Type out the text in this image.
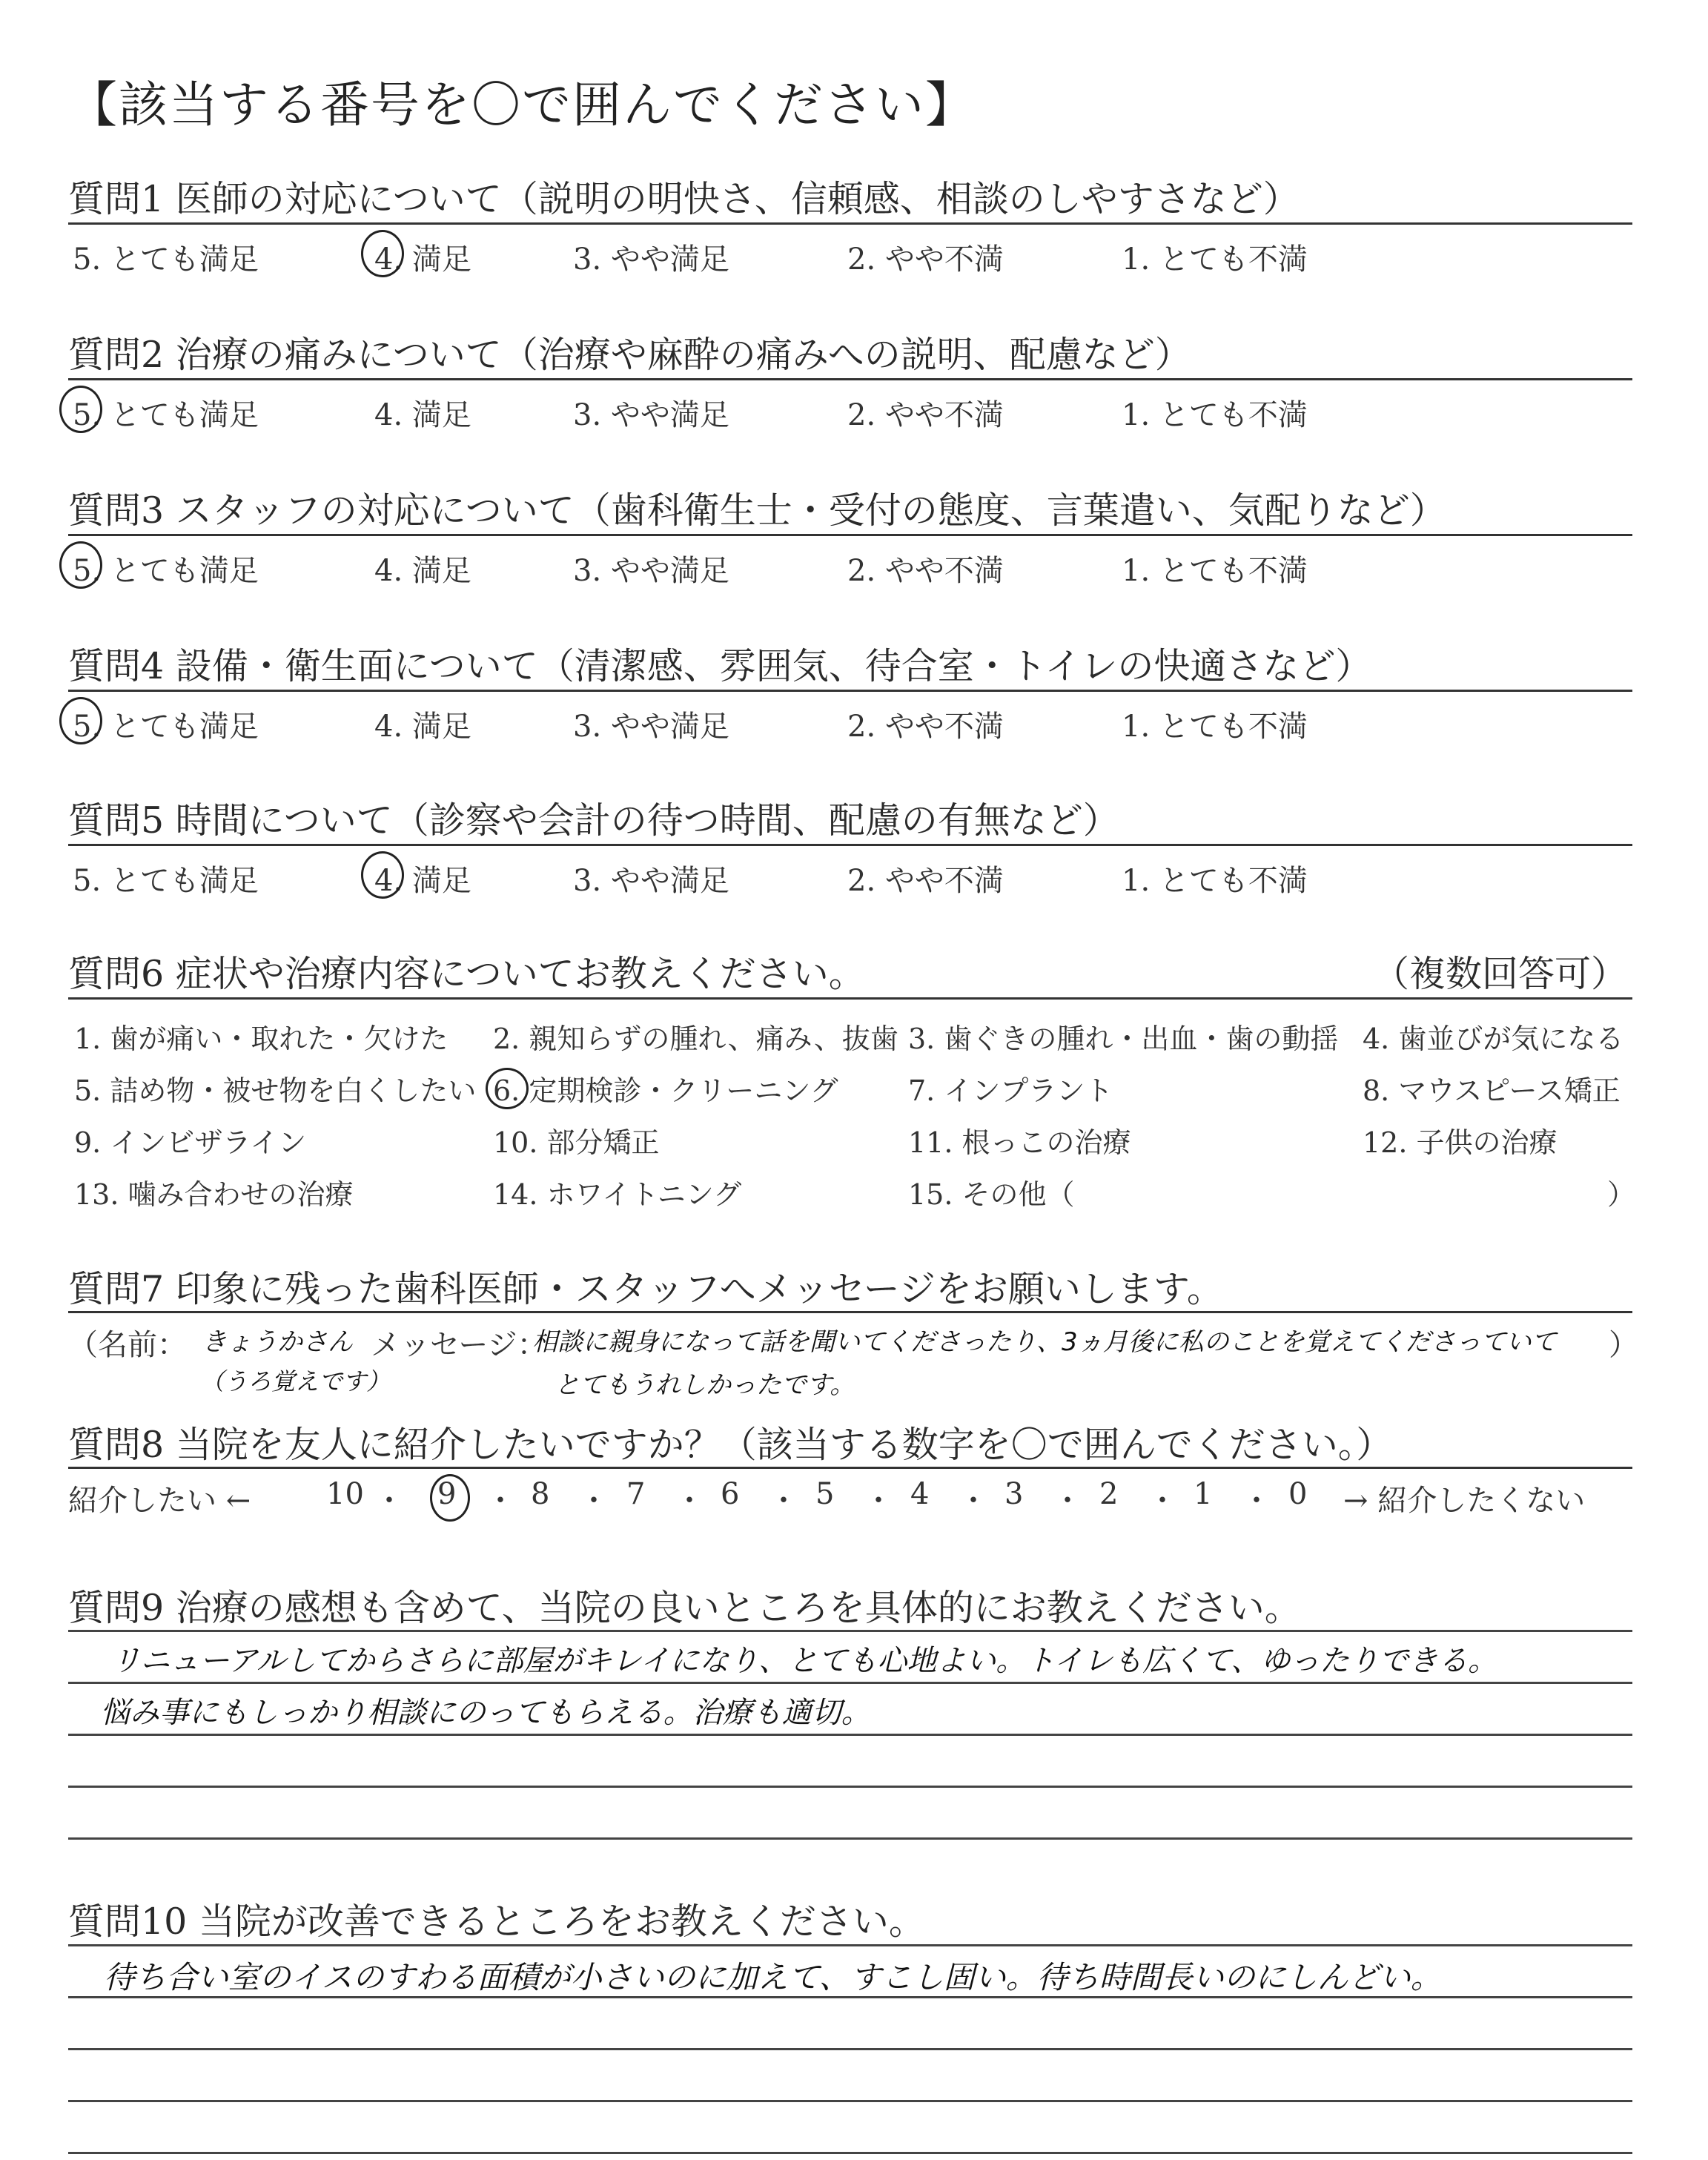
【該当する番号を〇で囲んでください】
質問1 医師の対応について（説明の明快さ、信頼感、相談のしやすさなど）
5. とても満足	4. 満足	3. やや満足	2. やや不満	1. とても不満
質問2 治療の痛みについて（治療や麻酔の痛みへの説明、配慮など）
5. とても満足	4. 満足	3. やや満足	2. やや不満	1. とても不満
質問3 スタッフの対応について（歯科衛生士・受付の態度、言葉遣い、気配りなど）
5. とても満足	4. 満足	3. やや満足	2. やや不満	1. とても不満
質問4 設備・衛生面について（清潔感、雰囲気、待合室・トイレの快適さなど）
5. とても満足	4. 満足	3. やや満足	2. やや不満	1. とても不満
質問5 時間について（診察や会計の待つ時間、配慮の有無など）
5. とても満足	4. 満足	3. やや満足	2. やや不満	1. とても不満
質問6 症状や治療内容についてお教えください。	（複数回答可）
1. 歯が痛い・取れた・欠けた 2. 親知らずの腫れ、痛み、抜歯 3. 歯ぐきの腫れ・出血・歯の動揺 4. 歯並びが気になる
5. 詰め物・被せ物を白くしたい 6. 定期検診・クリーニング 7. インプラント	8. マウスピース矯正
9. インビザライン	10. 部分矯正	11. 根っこの治療	12. 子供の治療
13. 噛み合わせの治療	14. ホワイトニング	15. その他（	）
質問7 印象に残った歯科医師・スタッフへメッセージをお願いします。
（名前： きょうかさん
（うろ覚えです）
メッセージ：
相談に親身になって話を聞いてくださったり、3ヵ月後に私のことを覚えてくださっていて
とてもうれしかったです。
）
質問8 当院を友人に紹介したいですか？（該当する数字を〇で囲んでください。）
紹介したい ←	10 ・ 9 ・ 8 ・ 7 ・ 6 ・ 5 ・ 4 ・ 3 ・ 2 ・ 1 ・ 0 → 紹介したくない
質問9 治療の感想も含めて、当院の良いところを具体的にお教えください。
リニューアルしてからさらに部屋がキレイになり、とても心地よい。トイレも広くて、ゆったりできる。
悩み事にもしっかり相談にのってもらえる。治療も適切。
質問10 当院が改善できるところをお教えください。
待ち合い室のイスのすわる面積が小さいのに加えて、すこし固い。待ち時間長いのにしんどい。
